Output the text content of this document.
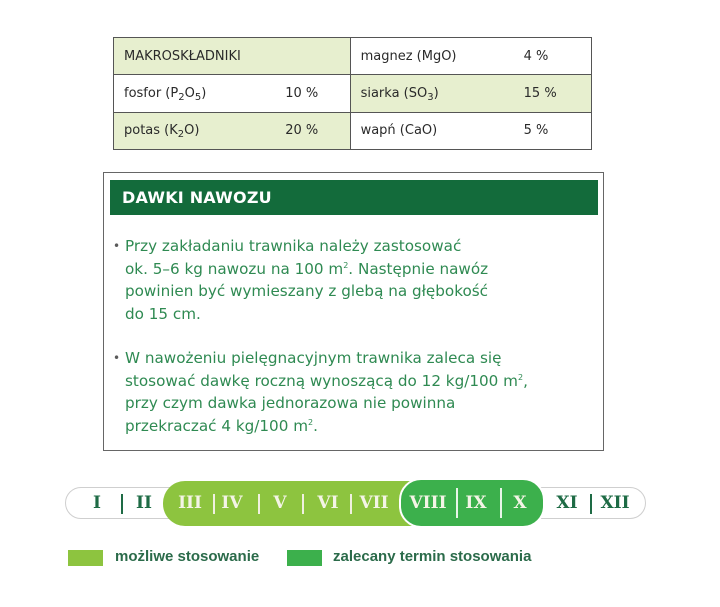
MAKROSKŁADNIKI		magnez (MgO)	4 %
fosfor $(P_2O_5)$	10 %	siarka $(SO_3)$	15 %
potas $(K_2O)$	20 %	wapń (CaO)	5 %
DAWKI NAWOZU
• Przy zakładaniu trawnika należy zastosować
ok. 5–6 kg nawozu na 100 $m^2$. Następnie nawóz
powinien być wymieszany z glebą na głębokość
do 15 cm.
• W nawożeniu pielęgnacyjnym trawnika zaleca się
stosować dawkę roczną wynoszącą do 12 kg/100 $m^2$,
przy czym dawka jednorazowa nie powinna
przekraczać 4 kg/100 $m^2$.
I II III IV V VI VII VIII IX X XI XII
możliwe stosowanie	zalecany termin stosowania
